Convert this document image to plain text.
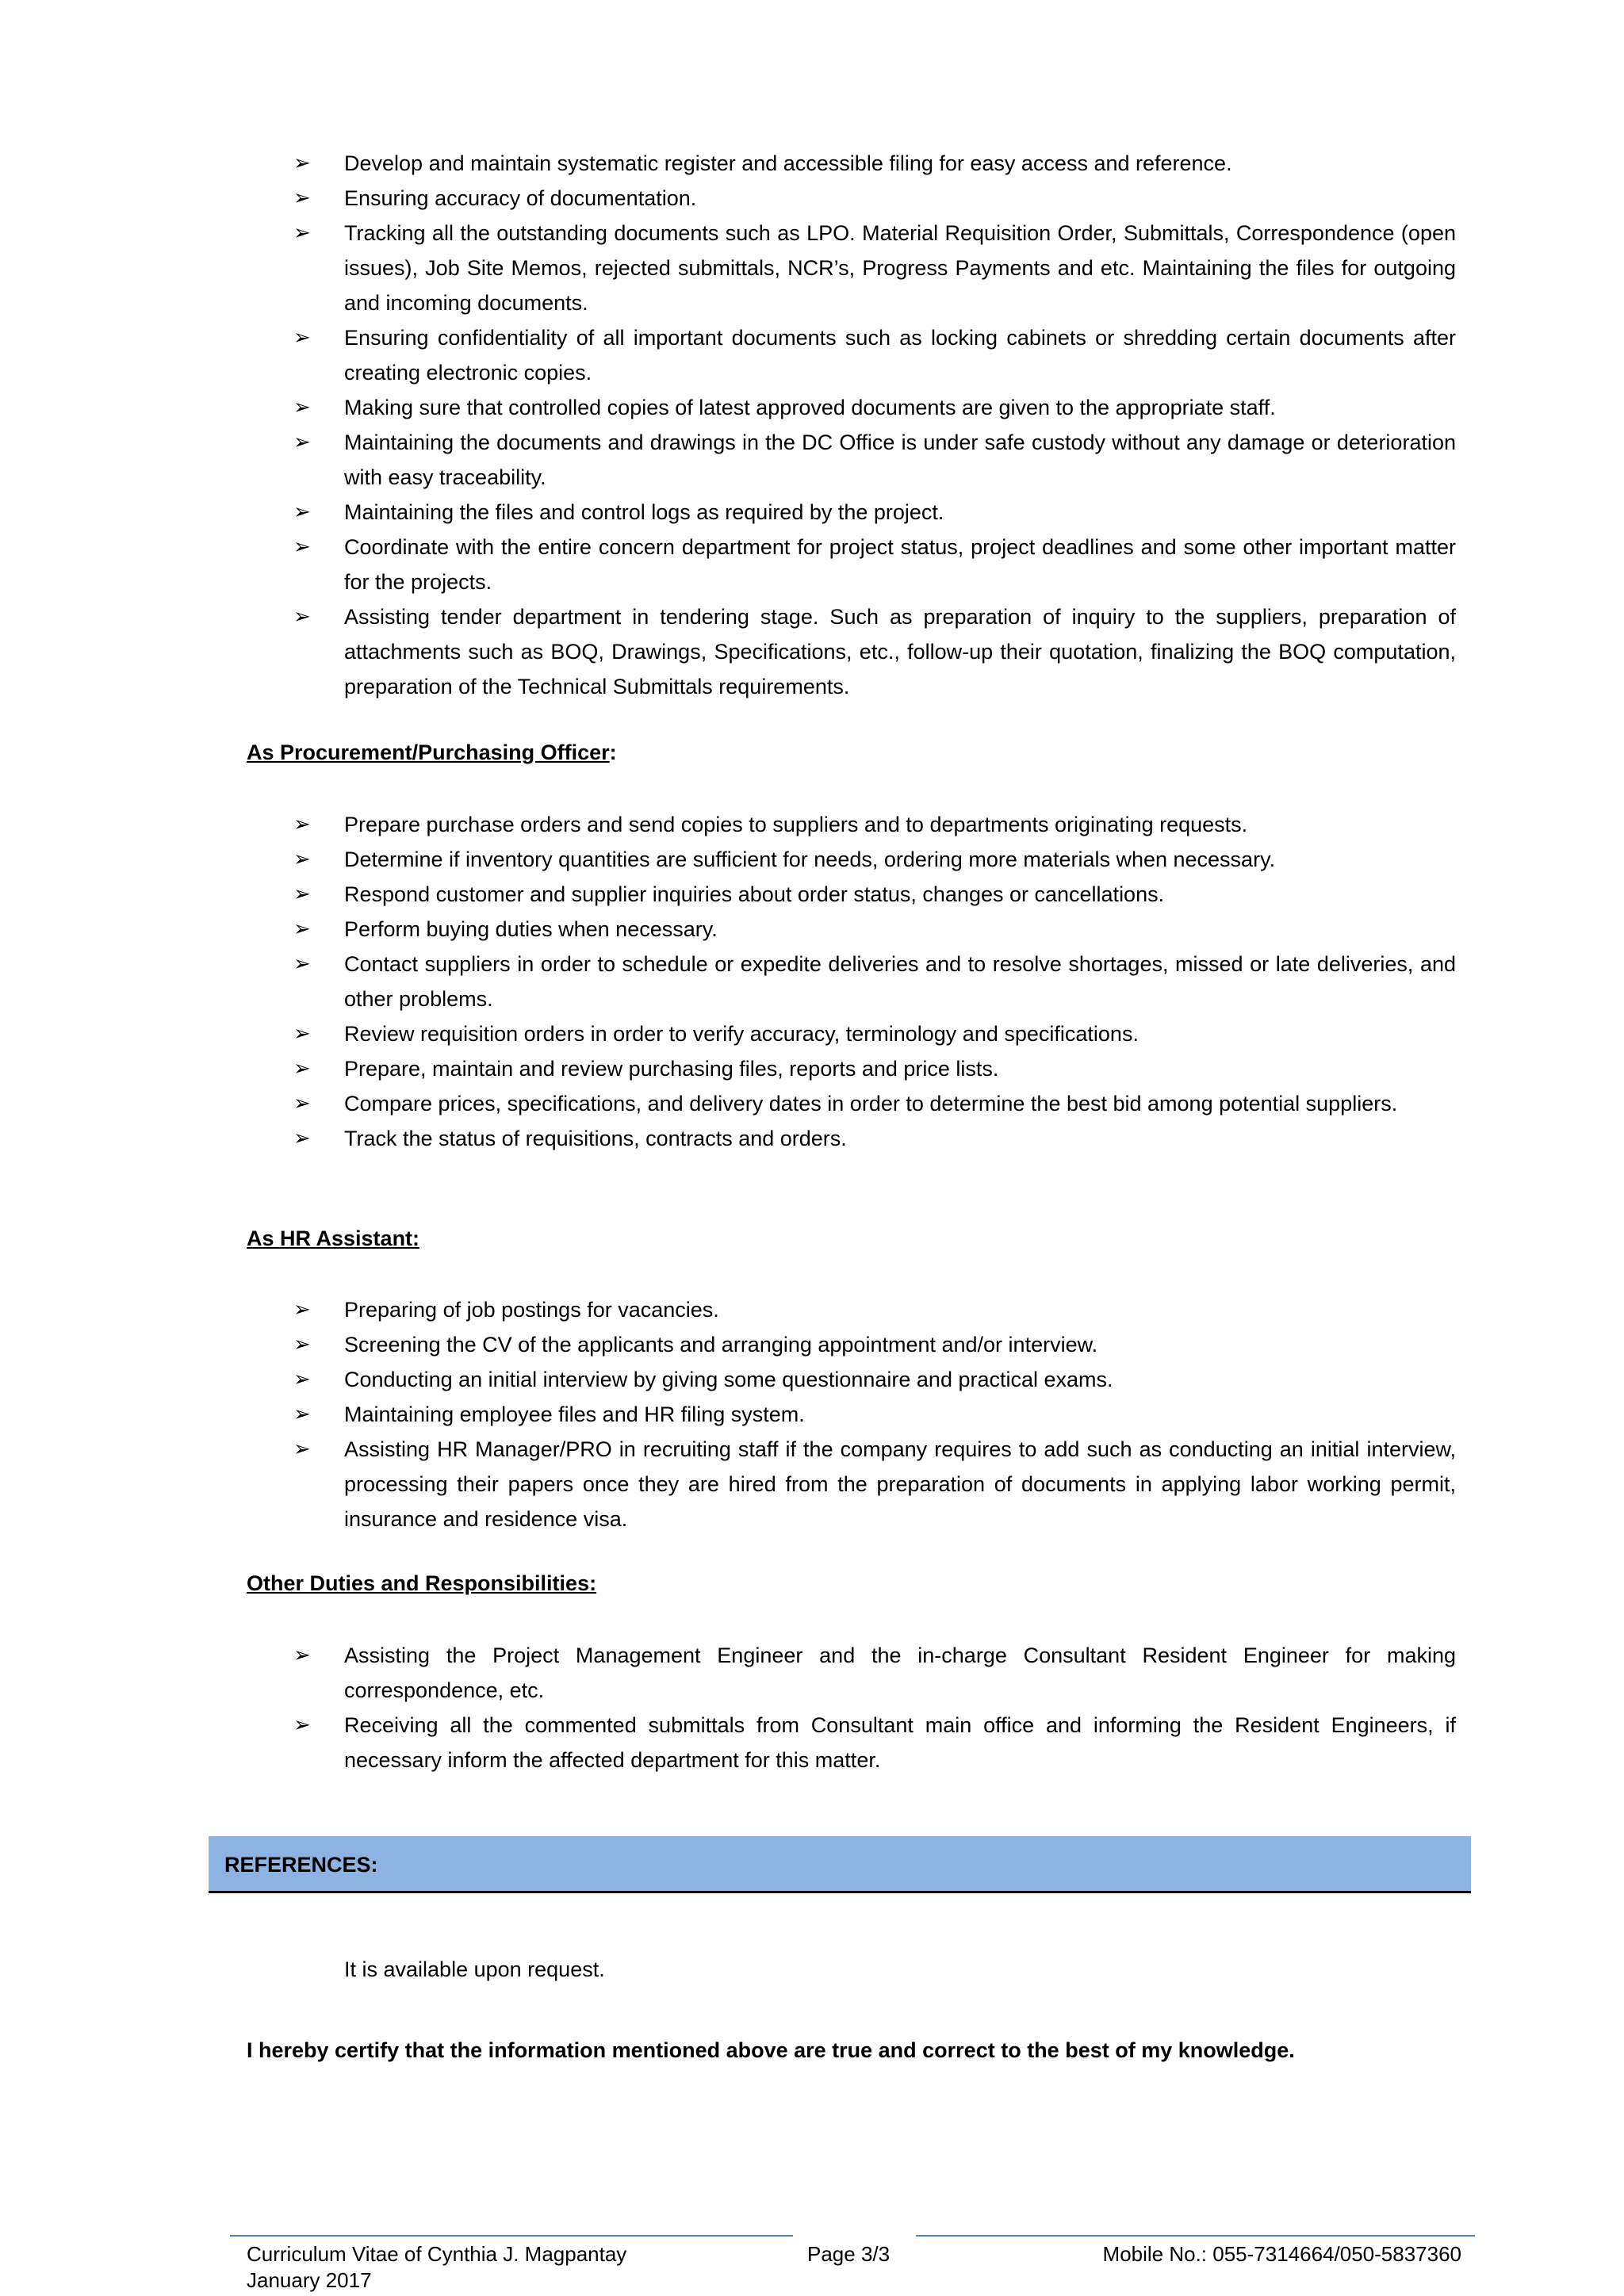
➢	Develop and maintain systematic register and accessible filing for easy access and reference.
➢	Ensuring accuracy of documentation.
➢	Tracking all the outstanding documents such as LPO. Material Requisition Order, Submittals, Correspondence (open issues), Job Site Memos, rejected submittals, NCR’s, Progress Payments and etc. Maintaining the files for outgoing and incoming documents.
➢	Ensuring confidentiality of all important documents such as locking cabinets or shredding certain documents after creating electronic copies.
➢	Making sure that controlled copies of latest approved documents are given to the appropriate staff.
➢	Maintaining the documents and drawings in the DC Office is under safe custody without any damage or deterioration with easy traceability.
➢	Maintaining the files and control logs as required by the project.
➢	Coordinate with the entire concern department for project status, project deadlines and some other important matter for the projects.
➢	Assisting tender department in tendering stage. Such as preparation of inquiry to the suppliers, preparation of attachments such as BOQ, Drawings, Specifications, etc., follow-up their quotation, finalizing the BOQ computation, preparation of the Technical Submittals requirements.
As Procurement/Purchasing Officer:
➢	Prepare purchase orders and send copies to suppliers and to departments originating requests.
➢	Determine if inventory quantities are sufficient for needs, ordering more materials when necessary.
➢	Respond customer and supplier inquiries about order status, changes or cancellations.
➢	Perform buying duties when necessary.
➢	Contact suppliers in order to schedule or expedite deliveries and to resolve shortages, missed or late deliveries, and other problems.
➢	Review requisition orders in order to verify accuracy, terminology and specifications.
➢	Prepare, maintain and review purchasing files, reports and price lists.
➢	Compare prices, specifications, and delivery dates in order to determine the best bid among potential suppliers.
➢	Track the status of requisitions, contracts and orders.
As HR Assistant:
➢	Preparing of job postings for vacancies.
➢	Screening the CV of the applicants and arranging appointment and/or interview.
➢	Conducting an initial interview by giving some questionnaire and practical exams.
➢	Maintaining employee files and HR filing system.
➢	Assisting HR Manager/PRO in recruiting staff if the company requires to add such as conducting an initial interview, processing their papers once they are hired from the preparation of documents in applying labor working permit, insurance and residence visa.
Other Duties and Responsibilities:
➢	Assisting the Project Management Engineer and the in-charge Consultant Resident Engineer for making correspondence, etc.
➢	Receiving all the commented submittals from Consultant main office and informing the Resident Engineers, if necessary inform the affected department for this matter.
REFERENCES:
It is available upon request.
I hereby certify that the information mentioned above are true and correct to the best of my knowledge.
Curriculum Vitae of Cynthia J. Magpantay
January 2017
Page 3/3	Mobile No.: 055-7314664/050-5837360
